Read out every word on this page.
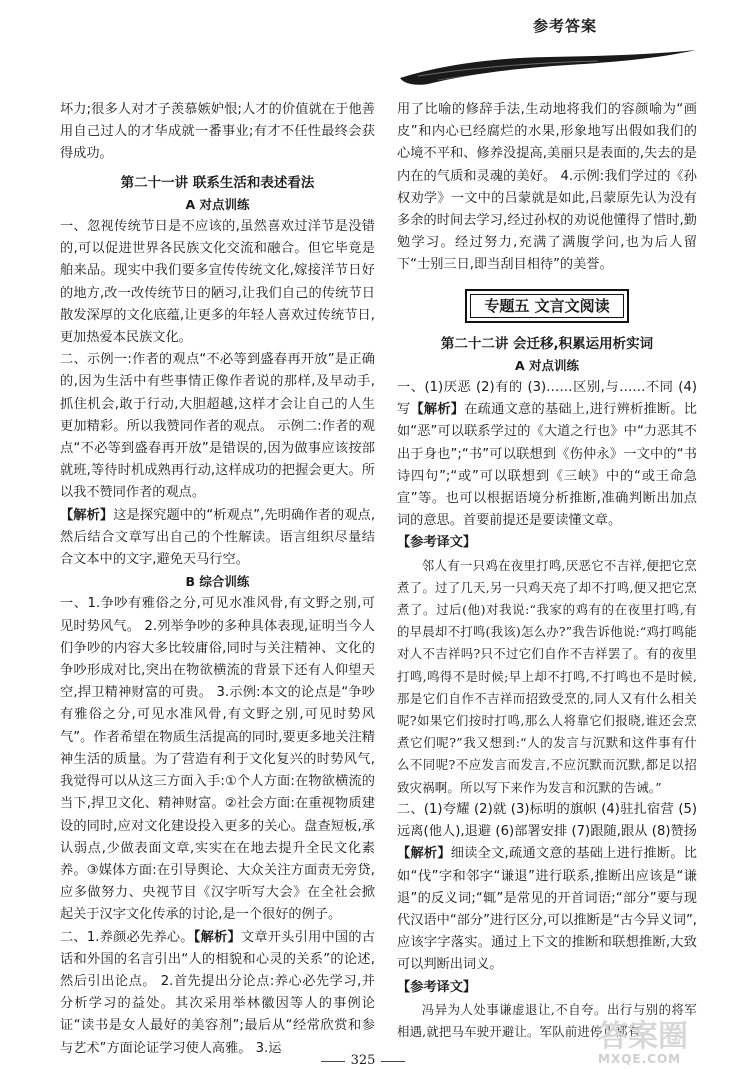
参考答案

坏力;很多人对才子羡慕嫉妒恨;人才的价值就在于他善用自己过人的才华成就一番事业;有才不任性最终会获得成功。

第二十一讲 联系生活和表述看法

A 对点训练

一、忽视传统节日是不应该的,虽然喜欢过洋节是没错的,可以促进世界各民族文化交流和融合。但它毕竟是舶来品。现实中我们要多宣传传统文化,嫁接洋节日好的地方,改一改传统节日的陋习,让我们自己的传统节日散发深厚的文化底蕴,让更多的年轻人喜欢过传统节日,更加热爱本民族文化。

二、示例一:作者的观点“不必等到盛春再开放”是正确的,因为生活中有些事情正像作者说的那样,及早动手,抓住机会,敢于行动,大胆超越,这样才会让自己的人生更加精彩。所以我赞同作者的观点。 示例二:作者的观点“不必等到盛春再开放”是错误的,因为做事应该按部就班,等待时机成熟再行动,这样成功的把握会更大。所以我不赞同作者的观点。

【解析】这是探究题中的“析观点”,先明确作者的观点,然后结合文章写出自己的个性解读。语言组织尽量结合文本中的文字,避免天马行空。

B 综合训练

一、1.争吵有雅俗之分,可见水准风骨,有文野之别,可见时势风气。 2.列举争吵的多种具体表现,证明当今人们争吵的内容大多比较庸俗,同时与关注精神、文化的争吵形成对比,突出在物欲横流的背景下还有人仰望天空,捍卫精神财富的可贵。 3.示例:本文的论点是“争吵有雅俗之分,可见水准风骨,有文野之别,可见时势风气”。作者希望在物质生活提高的同时,要更多地关注精神生活的质量。为了营造有利于文化复兴的时势风气,我觉得可以从这三方面入手:①个人方面:在物欲横流的当下,捍卫文化、精神财富。②社会方面:在重视物质建设的同时,应对文化建设投入更多的关心。盘查短板,承认弱点,少做表面文章,实实在在地去提升全民文化素养。③媒体方面:在引导舆论、大众关注方面责无旁贷,应多做努力、央视节目《汉字听写大会》在全社会掀起关于汉字文化传承的讨论,是一个很好的例子。

二、1.养颜必先养心。【解析】文章开头引用中国的古话和外国的名言引出“人的相貌和心灵的关系”的论述,然后引出论点。 2.首先提出分论点:养心必先学习,并分析学习的益处。其次采用举林徽因等人的事例论证“读书是女人最好的美容剂”;最后从“经常欣赏和参与艺术”方面论证学习使人高雅。 3.运

用了比喻的修辞手法,生动地将我们的容颜喻为“画皮”和内心已经腐烂的水果,形象地写出假如我们的心境不平和、修养没提高,美丽只是表面的,失去的是内在的气质和灵魂的美好。 4.示例:我们学过的《孙权劝学》一文中的吕蒙就是如此,吕蒙原先认为没有多余的时间去学习,经过孙权的劝说他懂得了惜时,勤勉学习。经过努力,充满了满腹学问,也为后人留下“士别三日,即当刮目相待”的美誉。

专题五 文言文阅读

第二十二讲 会迁移,积累运用析实词

A 对点训练

一、(1)厌恶 (2)有的 (3)……区别,与……不同 (4)写【解析】在疏通文意的基础上,进行辨析推断。比如“恶”可以联系学过的《大道之行也》中“力恶其不出于身也”;“书”可以联想到《伤仲永》一文中的“书诗四句”;“或”可以联想到《三峡》中的“或王命急宣”等。也可以根据语境分析推断,准确判断出加点词的意思。首要前提还是要读懂文章。

【参考译文】

邻人有一只鸡在夜里打鸣,厌恶它不吉祥,便把它烹煮了。过了几天,另一只鸡天亮了却不打鸣,便又把它烹煮了。过后(他)对我说:“我家的鸡有的在夜里打鸣,有的早晨却不打鸣(我该)怎么办?”我告诉他说:“鸡打鸣能对人不吉祥吗?只不过它们自作不吉祥罢了。有的夜里打鸣,鸣得不是时候;早上却不打鸣,不打鸣也不是时候,那是它们自作不吉祥而招致受烹的,同人又有什么相关呢?如果它们按时打鸣,那么人将靠它们报晓,谁还会烹煮它们呢?”我又想到:“人的发言与沉默和这件事有什么不同呢?不应发言而发言,不应沉默而沉默,都足以招致灾祸啊。所以写下来作为发言和沉默的告诫。”

二、(1)夸耀 (2)就 (3)标明的旗帜 (4)驻扎宿营 (5)远离(他人),退避 (6)部署安排 (7)跟随,跟从 (8)赞扬【解析】细读全文,疏通文意的基础上进行推断。比如“伐”字和邻字“谦退”进行联系,推断出应该是“谦退”的反义词;“辄”是常见的开首词语;“部分”要与现代汉语中“部分”进行区分,可以推断是“古今异义词”,应该字字落实。通过上下文的推断和联想推断,大致可以判断出词义。

【参考译文】

冯异为人处事谦虚退让,不自夸。出行与别的将军相遇,就把马车驶开避让。军队前进停止都有

325
答案圈
MXQE.COM
